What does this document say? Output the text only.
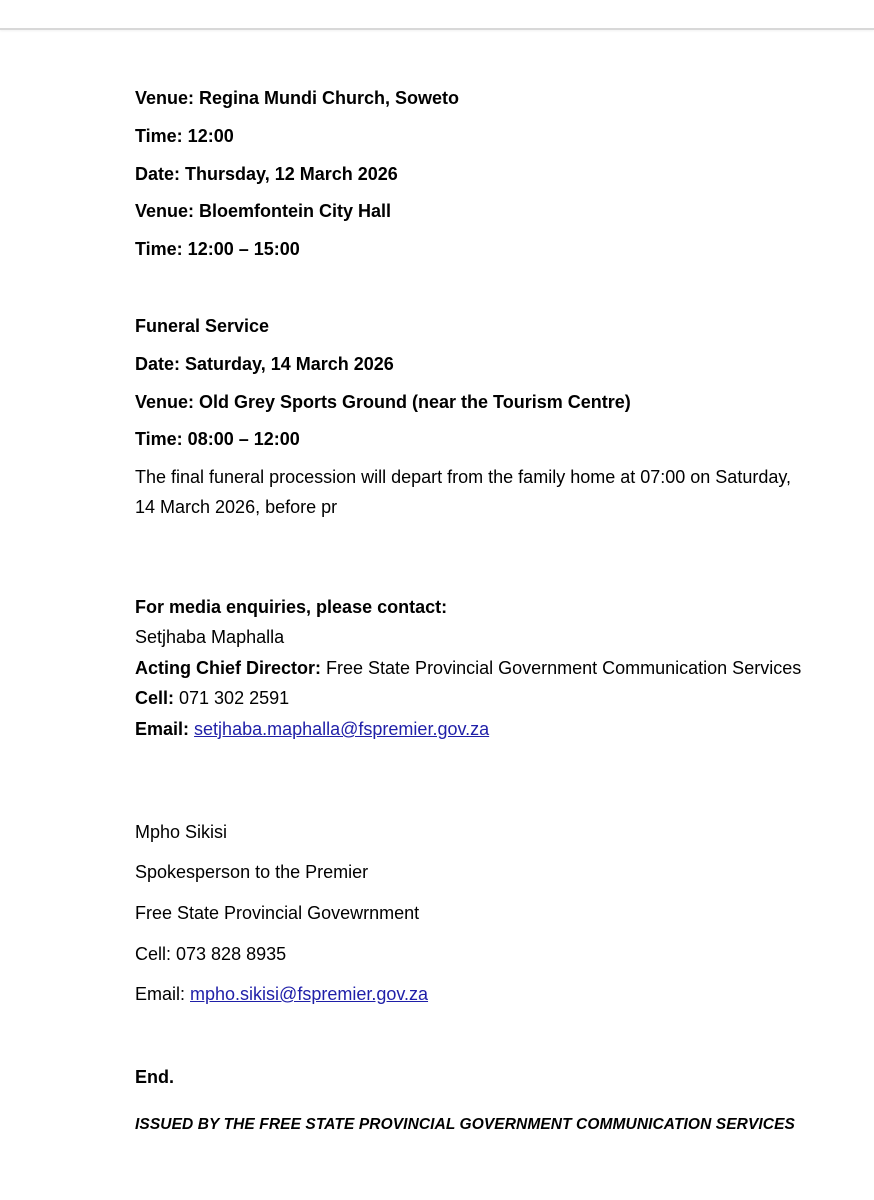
Venue: Regina Mundi Church, Soweto
Time: 12:00
Date: Thursday, 12 March 2026
Venue: Bloemfontein City Hall
Time: 12:00 – 15:00
Funeral Service
Date: Saturday, 14 March 2026
Venue: Old Grey Sports Ground (near the Tourism Centre)
Time: 08:00 – 12:00
The final funeral procession will depart from the family home at 07:00 on Saturday, 14 March 2026, before pr
For media enquiries, please contact:
Setjhaba Maphalla
Acting Chief Director: Free State Provincial Government Communication Services
Cell: 071 302 2591
Email: setjhaba.maphalla@fspremier.gov.za
Mpho Sikisi
Spokesperson to the Premier
Free State Provincial Govewrnment
Cell: 073 828 8935
Email: mpho.sikisi@fspremier.gov.za
End.
ISSUED BY THE FREE STATE PROVINCIAL GOVERNMENT COMMUNICATION SERVICES
